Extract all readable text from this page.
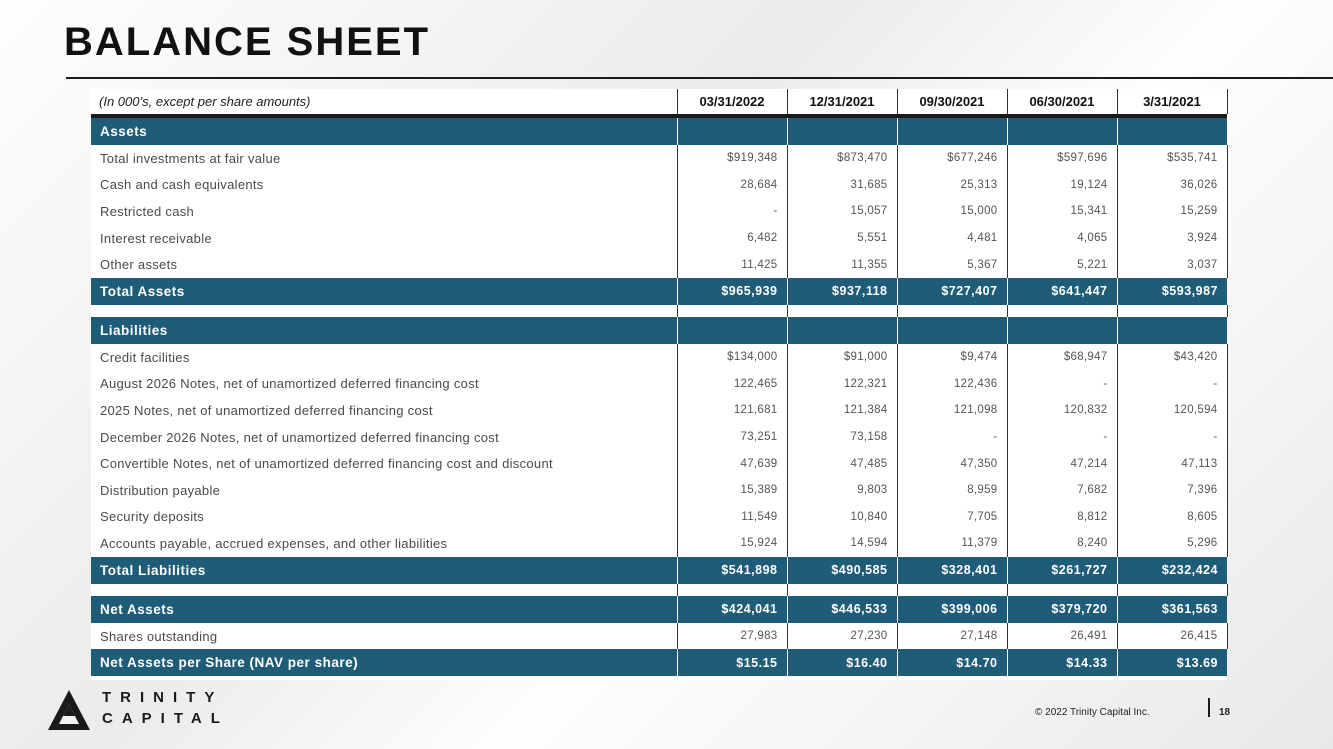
BALANCE SHEET
(In 000’s, except per share amounts)	03/31/2022	12/31/2021	09/30/2021	06/30/2021	3/31/2021

Assets					
Total investments at fair value	$919,348	$873,470	$677,246	$597,696	$535,741
Cash and cash equivalents	28,684	31,685	25,313	19,124	36,026
Restricted cash	-	15,057	15,000	15,341	15,259
Interest receivable	6,482	5,551	4,481	4,065	3,924
Other assets	11,425	11,355	5,367	5,221	3,037
Total Assets	$965,939	$937,118	$727,407	$641,447	$593,987

Liabilities					
Credit facilities	$134,000	$91,000	$9,474	$68,947	$43,420
August 2026 Notes, net of unamortized deferred financing cost	122,465	122,321	122,436	-	-
2025 Notes, net of unamortized deferred financing cost	121,681	121,384	121,098	120,832	120,594
December 2026 Notes, net of unamortized deferred financing cost	73,251	73,158	-	-	-
Convertible Notes, net of unamortized deferred financing cost and discount	47,639	47,485	47,350	47,214	47,113
Distribution payable	15,389	9,803	8,959	7,682	7,396
Security deposits	11,549	10,840	7,705	8,812	8,605
Accounts payable, accrued expenses, and other liabilities	15,924	14,594	11,379	8,240	5,296
Total Liabilities	$541,898	$490,585	$328,401	$261,727	$232,424

Net Assets	$424,041	$446,533	$399,006	$379,720	$361,563
Shares outstanding	27,983	27,230	27,148	26,491	26,415
Net Assets per Share (NAV per share)	$15.15	$16.40	$14.70	$14.33	$13.69
TRINITY
CAPITAL	© 2022 Trinity Capital Inc.	18
